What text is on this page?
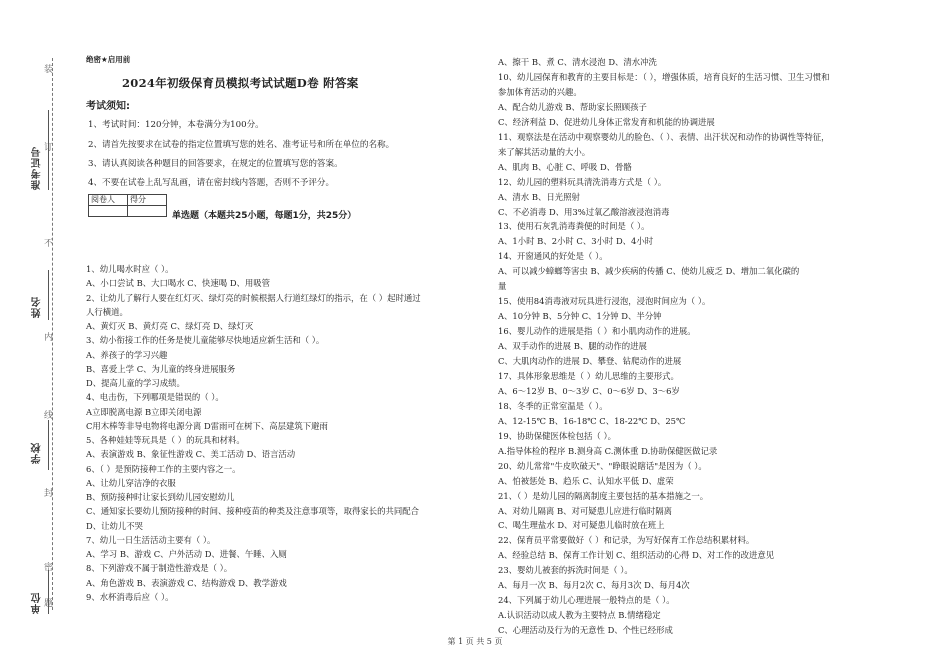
装
订
不
内
线
封
密
题
准考证号
姓名
学校
单位
绝密★启用前
2024年初级保育员模拟考试试题D卷 附答案
考试须知:
1、考试时间：120分钟，本卷满分为100分。
2、请首先按要求在试卷的指定位置填写您的姓名、准考证号和所在单位的名称。
3、请认真阅读各种题目的回答要求，在规定的位置填写您的答案。
4、不要在试卷上乱写乱画，请在密封线内答题，否则不予评分。
阅卷人	得分

单选题（本题共25小题，每题1分，共25分）
1、幼儿喝水时应（ ）。
A、小口尝试 B、大口喝水 C、快速喝 D、用吸管
2、让幼儿了解行人要在红灯灭、绿灯亮的时候根据人行道红绿灯的指示，在（ ）起时通过
人行横道。
A、黄灯灭 B、黄灯亮 C、绿灯亮 D、绿灯灭
3、幼小衔接工作的任务是使儿童能够尽快地适应新生活和（ ）。
A、养孩子的学习兴趣
B、喜爱上学 C、为儿童的终身进展服务
D、提高儿童的学习成绩。
4、电击伤，下列哪项是错误的（ ）。
A立即脱离电源 B立即关闭电源
C用木棒等非导电物将电源分离 D雷雨可在树下、高层建筑下避雨
5、各种娃娃等玩具是（ ）的玩具和材料。
A、表演游戏 B、象征性游戏 C、美工活动 D、语言活动
6、（ ）是预防接种工作的主要内容之一。
A、让幼儿穿洁净的衣服
B、预防接种时让家长到幼儿园安慰幼儿
C、通知家长要幼儿预防接种的时间、接种疫苗的种类及注意事项等，取得家长的共同配合
D、让幼儿不哭
7、幼儿一日生活活动主要有（ ）。
A、学习 B、游戏 C、户外活动 D、进餐、午睡、入厕
8、下列游戏不属于制造性游戏是（ ）。
A、角色游戏 B、表演游戏 C、结构游戏 D、教学游戏
9、水杯消毒后应（ ）。
A、擦干 B、煮 C、清水浸泡 D、清水冲洗
10、幼儿园保育和教育的主要目标是：（ ），增强体质，培育良好的生活习惯、卫生习惯和
参加体育活动的兴趣。
A、配合幼儿游戏 B、帮助家长照顾孩子
C、经济利益 D、促进幼儿身体正常发育和机能的协调进展
11、观察法是在活动中观察婴幼儿的脸色、（ ）、表情、出汗状况和动作的协调性等特征，
来了解其活动量的大小。
A、肌肉 B、心脏 C、呼吸 D、骨骼
12、幼儿园的塑料玩具清洗消毒方式是（ ）。
A、清水 B、日光照射
C、不必消毒 D、用3%过氧乙酸溶液浸泡消毒
13、使用石灰乳消毒粪便的时间是（ ）。
A、1小时 B、2小时 C、3小时 D、4小时
14、开窗通风的好处是（ ）。
A、可以减少蟑螂等害虫 B、减少疾病的传播 C、使幼儿疲乏 D、增加二氧化碳的
量
15、使用84消毒液对玩具进行浸泡，浸泡时间应为（ ）。
A、10分钟 B、5分钟 C、1分钟 D、半分钟
16、婴儿动作的进展是指（ ）和小肌肉动作的进展。
A、双手动作的进展 B、腿的动作的进展
C、大肌肉动作的进展 D、攀登、钻爬动作的进展
17、具体形象思维是（ ）幼儿思维的主要形式。
A、6～12岁 B、0～3岁 C、0～6岁 D、3～6岁
18、冬季的正常室温是（ ）。
A、12-15℃ B、16-18℃ C、18-22℃ D、25℃
19、协助保健医体检包括（ ）。
A.指导体检的程序 B.测身高 C.测体重 D.协助保健医做记录
20、幼儿常常"牛皮吹破天"、"睁眼说瞎话"是因为（ ）。
A、怕被惩处 B、趋乐 C、认知水平低 D、虚荣
21、（ ）是幼儿园的隔离制度主要包括的基本措施之一。
A、对幼儿隔离 B、对可疑患儿应进行临时隔离
C、喝生理盐水 D、对可疑患儿临时放在班上
22、保育员平常要做好（ ）和记录，为写好保育工作总结积累材料。
A、经验总结 B、保育工作计划 C、组织活动的心得 D、对工作的改进意见
23、婴幼儿被套的拆洗时间是（ ）。
A、每月一次 B、每月2次 C、每月3次 D、每月4次
24、下列属于幼儿心理进展一般特点的是（ ）。
A.认识活动以成人教为主要特点 B.情绪稳定
C、心理活动及行为的无意性 D、个性已经形成
第 1 页 共 5 页
